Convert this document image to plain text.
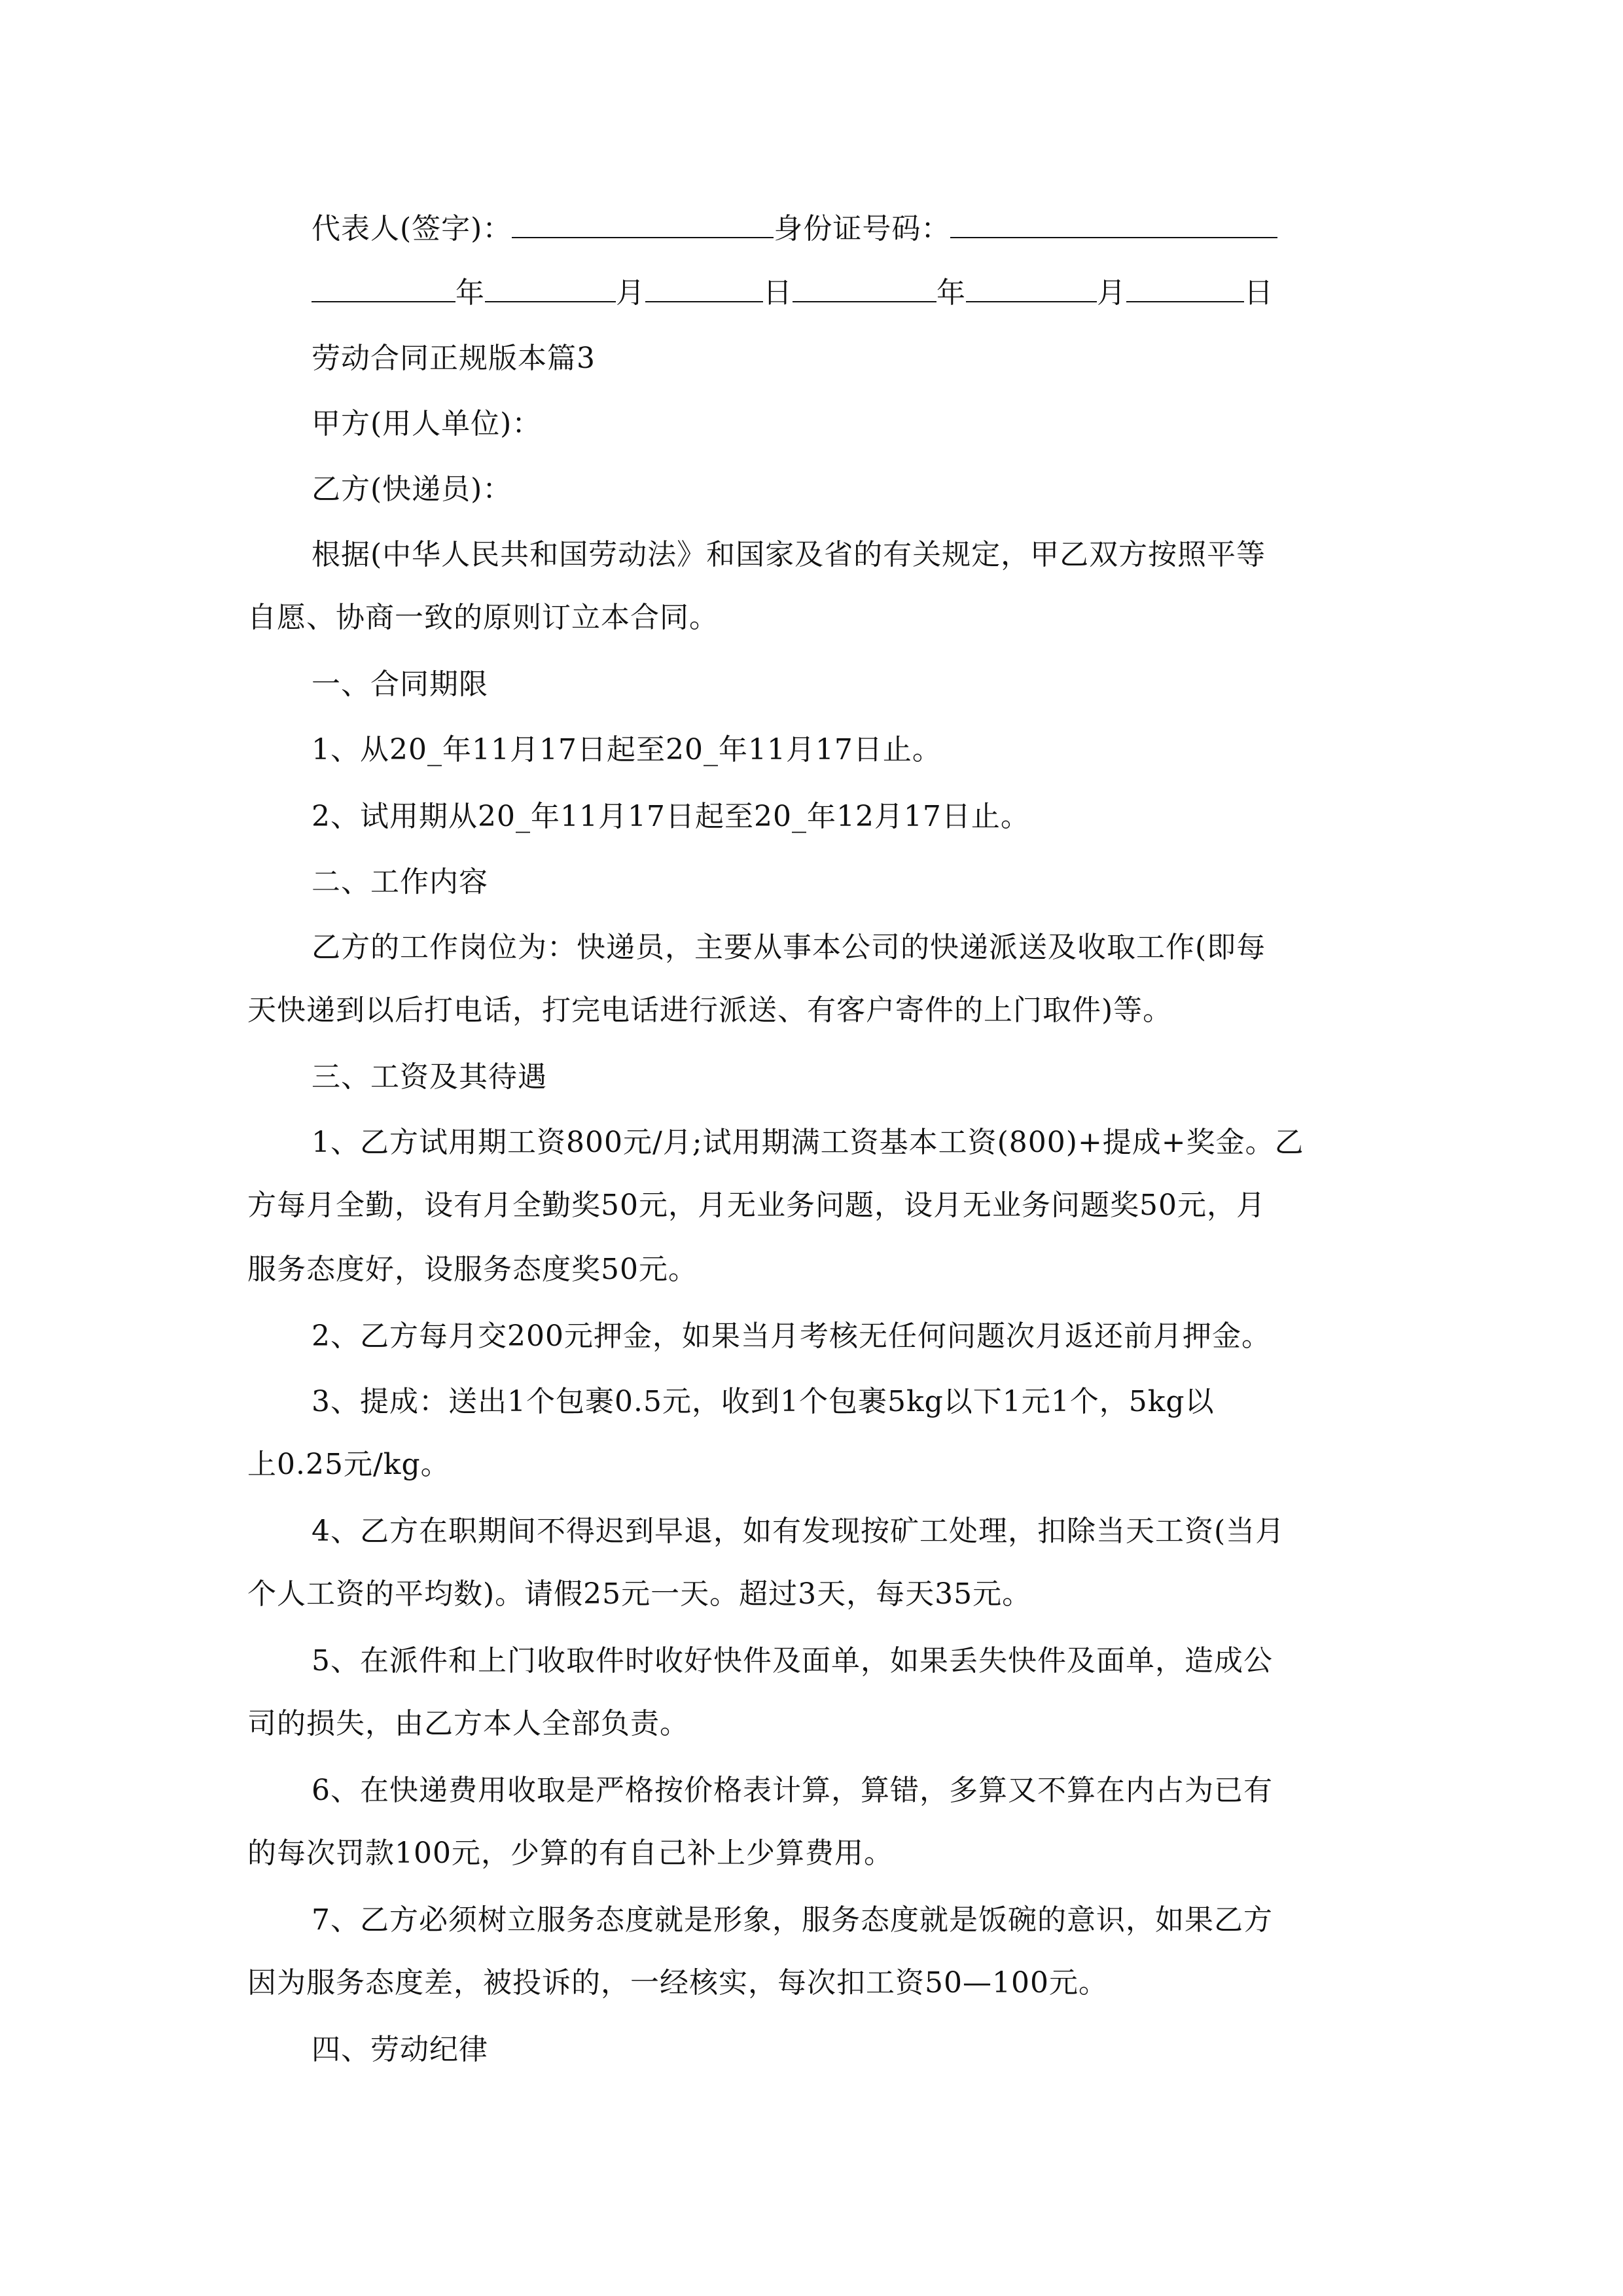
代表人(签字)：	身份证号码：
年	月	日	年	月	日
劳动合同正规版本篇3
甲方(用人单位)：
乙方(快递员)：
根据(中华人民共和国劳动法》和国家及省的有关规定，甲乙双方按照平等
自愿、协商一致的原则订立本合同。
一、合同期限
1、从20_年11月17日起至20_年11月17日止。
2、试用期从20_年11月17日起至20_年12月17日止。
二、工作内容
乙方的工作岗位为：快递员，主要从事本公司的快递派送及收取工作(即每
天快递到以后打电话，打完电话进行派送、有客户寄件的上门取件)等。
三、工资及其待遇
1、乙方试用期工资800元/月;试用期满工资基本工资(800)+提成+奖金。乙
方每月全勤，设有月全勤奖50元，月无业务问题，设月无业务问题奖50元，月
服务态度好，设服务态度奖50元。
2、乙方每月交200元押金，如果当月考核无任何问题次月返还前月押金。
3、提成：送出1个包裹0.5元，收到1个包裹5kg以下1元1个，5kg以
上0.25元/kg。
4、乙方在职期间不得迟到早退，如有发现按矿工处理，扣除当天工资(当月
个人工资的平均数)。请假25元一天。超过3天，每天35元。
5、在派件和上门收取件时收好快件及面单，如果丢失快件及面单，造成公
司的损失，由乙方本人全部负责。
6、在快递费用收取是严格按价格表计算，算错，多算又不算在内占为已有
的每次罚款100元，少算的有自己补上少算费用。
7、乙方必须树立服务态度就是形象，服务态度就是饭碗的意识，如果乙方
因为服务态度差，被投诉的，一经核实，每次扣工资50—100元。
四、劳动纪律
